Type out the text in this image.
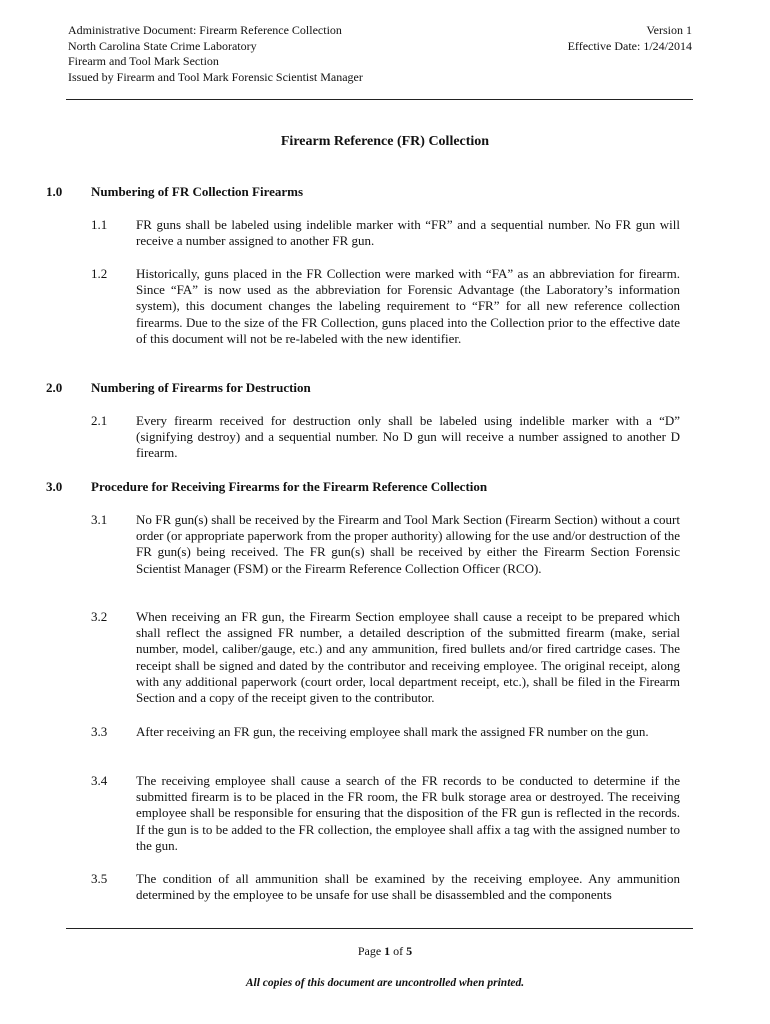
Administrative Document: Firearm Reference Collection
North Carolina State Crime Laboratory
Firearm and Tool Mark Section
Issued by Firearm and Tool Mark Forensic Scientist Manager
Version 1
Effective Date: 1/24/2014
Firearm Reference (FR) Collection
1.0 Numbering of FR Collection Firearms
1.1 FR guns shall be labeled using indelible marker with “FR” and a sequential number. No FR gun will receive a number assigned to another FR gun.
1.2 Historically, guns placed in the FR Collection were marked with “FA” as an abbreviation for firearm. Since “FA” is now used as the abbreviation for Forensic Advantage (the Laboratory’s information system), this document changes the labeling requirement to “FR” for all new reference collection firearms. Due to the size of the FR Collection, guns placed into the Collection prior to the effective date of this document will not be re-labeled with the new identifier.
2.0 Numbering of Firearms for Destruction
2.1 Every firearm received for destruction only shall be labeled using indelible marker with a “D” (signifying destroy) and a sequential number. No D gun will receive a number assigned to another D firearm.
3.0 Procedure for Receiving Firearms for the Firearm Reference Collection
3.1 No FR gun(s) shall be received by the Firearm and Tool Mark Section (Firearm Section) without a court order (or appropriate paperwork from the proper authority) allowing for the use and/or destruction of the FR gun(s) being received. The FR gun(s) shall be received by either the Firearm Section Forensic Scientist Manager (FSM) or the Firearm Reference Collection Officer (RCO).
3.2 When receiving an FR gun, the Firearm Section employee shall cause a receipt to be prepared which shall reflect the assigned FR number, a detailed description of the submitted firearm (make, serial number, model, caliber/gauge, etc.) and any ammunition, fired bullets and/or fired cartridge cases. The receipt shall be signed and dated by the contributor and receiving employee. The original receipt, along with any additional paperwork (court order, local department receipt, etc.), shall be filed in the Firearm Section and a copy of the receipt given to the contributor.
3.3 After receiving an FR gun, the receiving employee shall mark the assigned FR number on the gun.
3.4 The receiving employee shall cause a search of the FR records to be conducted to determine if the submitted firearm is to be placed in the FR room, the FR bulk storage area or destroyed. The receiving employee shall be responsible for ensuring that the disposition of the FR gun is reflected in the records. If the gun is to be added to the FR collection, the employee shall affix a tag with the assigned number to the gun.
3.5 The condition of all ammunition shall be examined by the receiving employee. Any ammunition determined by the employee to be unsafe for use shall be disassembled and the components
Page 1 of 5
All copies of this document are uncontrolled when printed.
